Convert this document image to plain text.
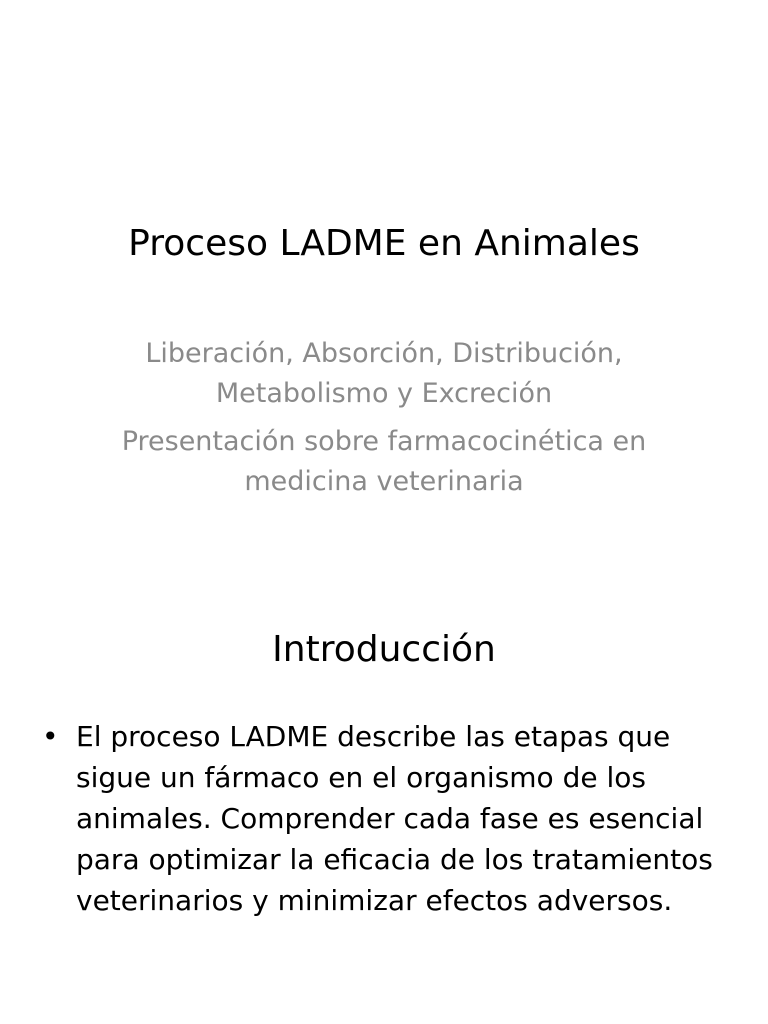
Proceso LADME en Animales

Liberación, Absorción, Distribución, Metabolismo y Excreción

Presentación sobre farmacocinética en medicina veterinaria

Introducción
• El proceso LADME describe las etapas que sigue un fármaco en el organismo de los animales. Comprender cada fase es esencial para optimizar la eficacia de los tratamientos veterinarios y minimizar efectos adversos.
